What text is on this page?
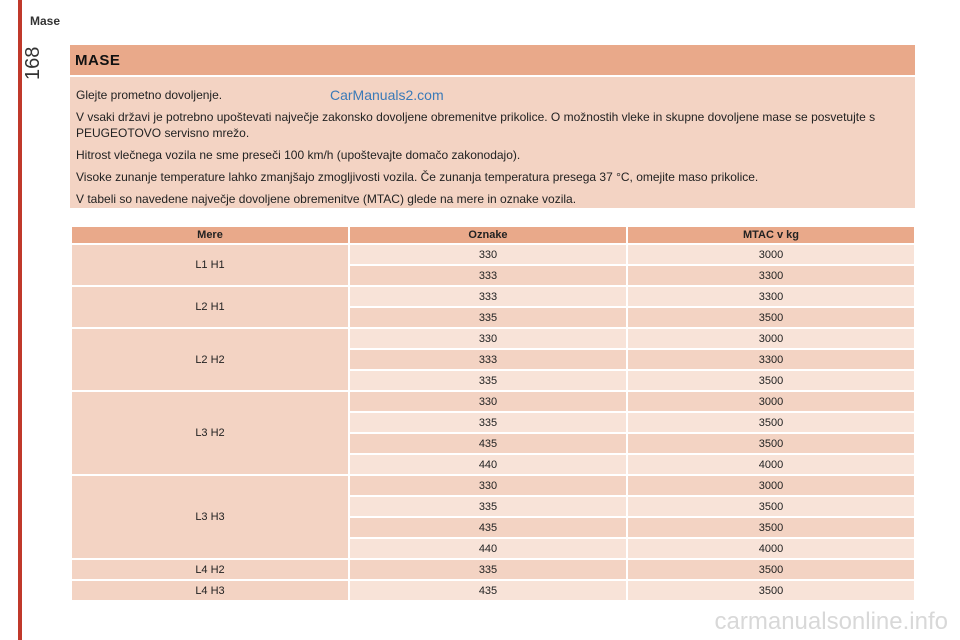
Mase
168 MASE

Glejte prometno dovoljenje.

V vsaki državi je potrebno upoštevati največje zakonsko dovoljene obremenitve prikolice. O možnostih vleke in skupne dovoljene mase se posvetujte s PEUGEOTOVO servisno mrežo.

Hitrost vlečnega vozila ne sme preseči 100 km/h (upoštevajte domačo zakonodajo).

Visoke zunanje temperature lahko zmanjšajo zmogljivosti vozila. Če zunanja temperatura presega 37 °C, omejite maso prikolice.

V tabeli so navedene največje dovoljene obremenitve (MTAC) glede na mere in oznake vozila.

CarManuals2.com
Mere	Oznake	MTAC v kg
L1 H1	330	3000
	333	3300
L2 H1	333	3300
	335	3500
L2 H2	330	3000
	333	3300
	335	3500
L3 H2	330	3000
	335	3500
	435	3500
	440	4000
L3 H3	330	3000
	335	3500
	435	3500
	440	4000
L4 H2	335	3500
L4 H3	435	3500
carmanualsonline.info
